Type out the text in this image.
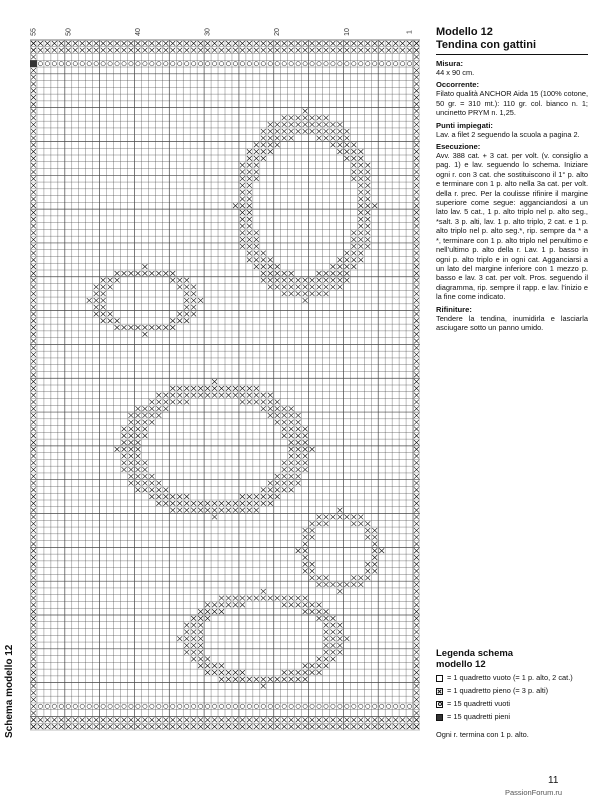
55	50	40	30	20	10	1
Schema modello 12
Modello 12
Tendina con gattini
Misura:
44 x 90 cm.
Occorrente:
Filato qualità ANCHOR Aida 15 (100% cotone, 50 gr. = 310 mt.): 110 gr. col. bianco n. 1; uncinetto PRYM n. 1,25.
Punti impiegati:
Lav. a filet 2 seguendo la scuola a pagina 2.
Esecuzione:
Avv. 388 cat. + 3 cat. per volt. (v. consiglio a pag. 1) e lav. seguendo lo schema. Iniziare ogni r. con 3 cat. che sostituiscono il 1° p. alto e terminare con 1 p. alto nella 3a cat. per volt. della r. prec. Per la coulisse rifinire il margine superiore come segue: agganciandosi a un lato lav. 5 cat., 1 p. alto triplo nel p. alto seg., *salt. 3 p. alti, lav. 1 p. alto triplo, 2 cat. e 1 p. alto triplo nel p. alto seg.*, rip. sempre da * a *, terminare con 1 p. alto triplo nel penultimo e nell’ultimo p. alto della r. Lav. 1 p. basso in ogni p. alto triplo e in ogni cat. Agganciarsi a un lato del margine inferiore con 1 mezzo p. basso e lav. 3 cat. per volt. Pros. seguendo il diagramma, rip. sempre il rapp. e lav. l’inizio e la fine come indicato.
Rifiniture:
Tendere la tendina, inumidirla e lasciarla asciugare sotto un panno umido.
Legenda schema
modello 12
= 1 quadretto vuoto (= 1 p. alto, 2 cat.)
= 1 quadretto pieno (= 3 p. alti)
= 15 quadretti vuoti
= 15 quadretti pieni
Ogni r. termina con 1 p. alto.
11
PassionForum.ru
